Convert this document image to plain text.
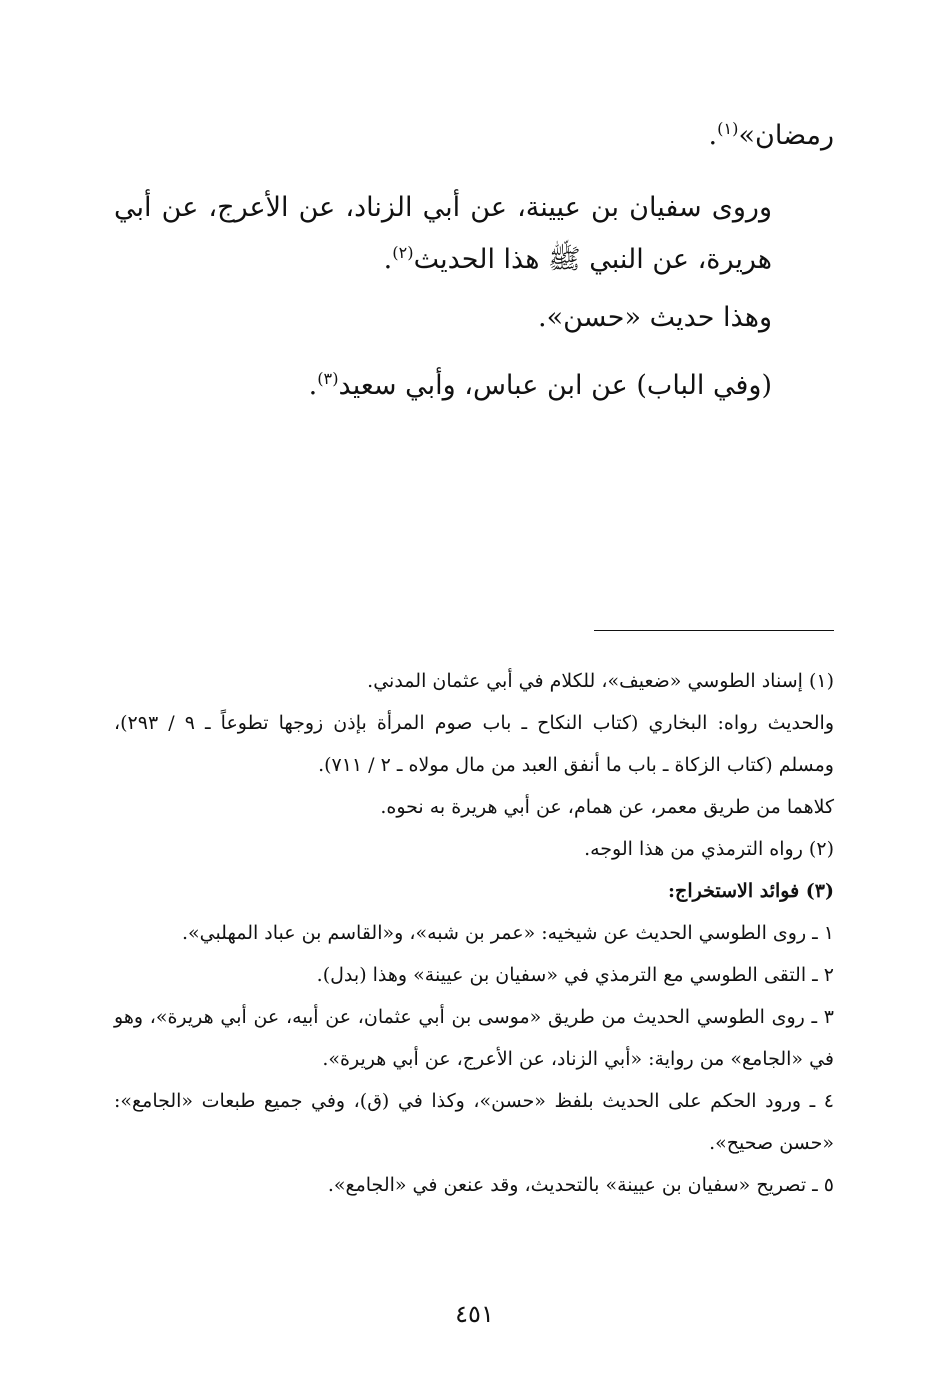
رمضان»$^{(١)}$.

وروى سفيان بن عيينة، عن أبي الزناد، عن الأعرج، عن أبي هريرة، عن النبي ﷺ هذا الحديث$^{(٢)}$.

وهذا حديث «حسن».

(وفي الباب) عن ابن عباس، وأبي سعيد$^{(٣)}$.

(١) إسناد الطوسي «ضعيف»، للكلام في أبي عثمان المدني.

والحديث رواه: البخاري (كتاب النكاح ـ باب صوم المرأة بإذن زوجها تطوعاً ـ ٩ / ٢٩٣)، ومسلم (كتاب الزكاة ـ باب ما أنفق العبد من مال مولاه ـ ٢ / ٧١١).

كلاهما من طريق معمر، عن همام، عن أبي هريرة به نحوه.

(٢) رواه الترمذي من هذا الوجه.

(٣) فوائد الاستخراج:

١ ـ روى الطوسي الحديث عن شيخيه: «عمر بن شبه»، و«القاسم بن عباد المهلبي».

٢ ـ التقى الطوسي مع الترمذي في «سفيان بن عيينة» وهذا (بدل).

٣ ـ روى الطوسي الحديث من طريق «موسى بن أبي عثمان، عن أبيه، عن أبي هريرة»، وهو في «الجامع» من رواية: «أبي الزناد، عن الأعرج، عن أبي هريرة».

٤ ـ ورود الحكم على الحديث بلفظ «حسن»، وكذا في (ق)، وفي جميع طبعات «الجامع»: «حسن صحيح».

٥ ـ تصريح «سفيان بن عيينة» بالتحديث، وقد عنعن في «الجامع».

٤٥١
